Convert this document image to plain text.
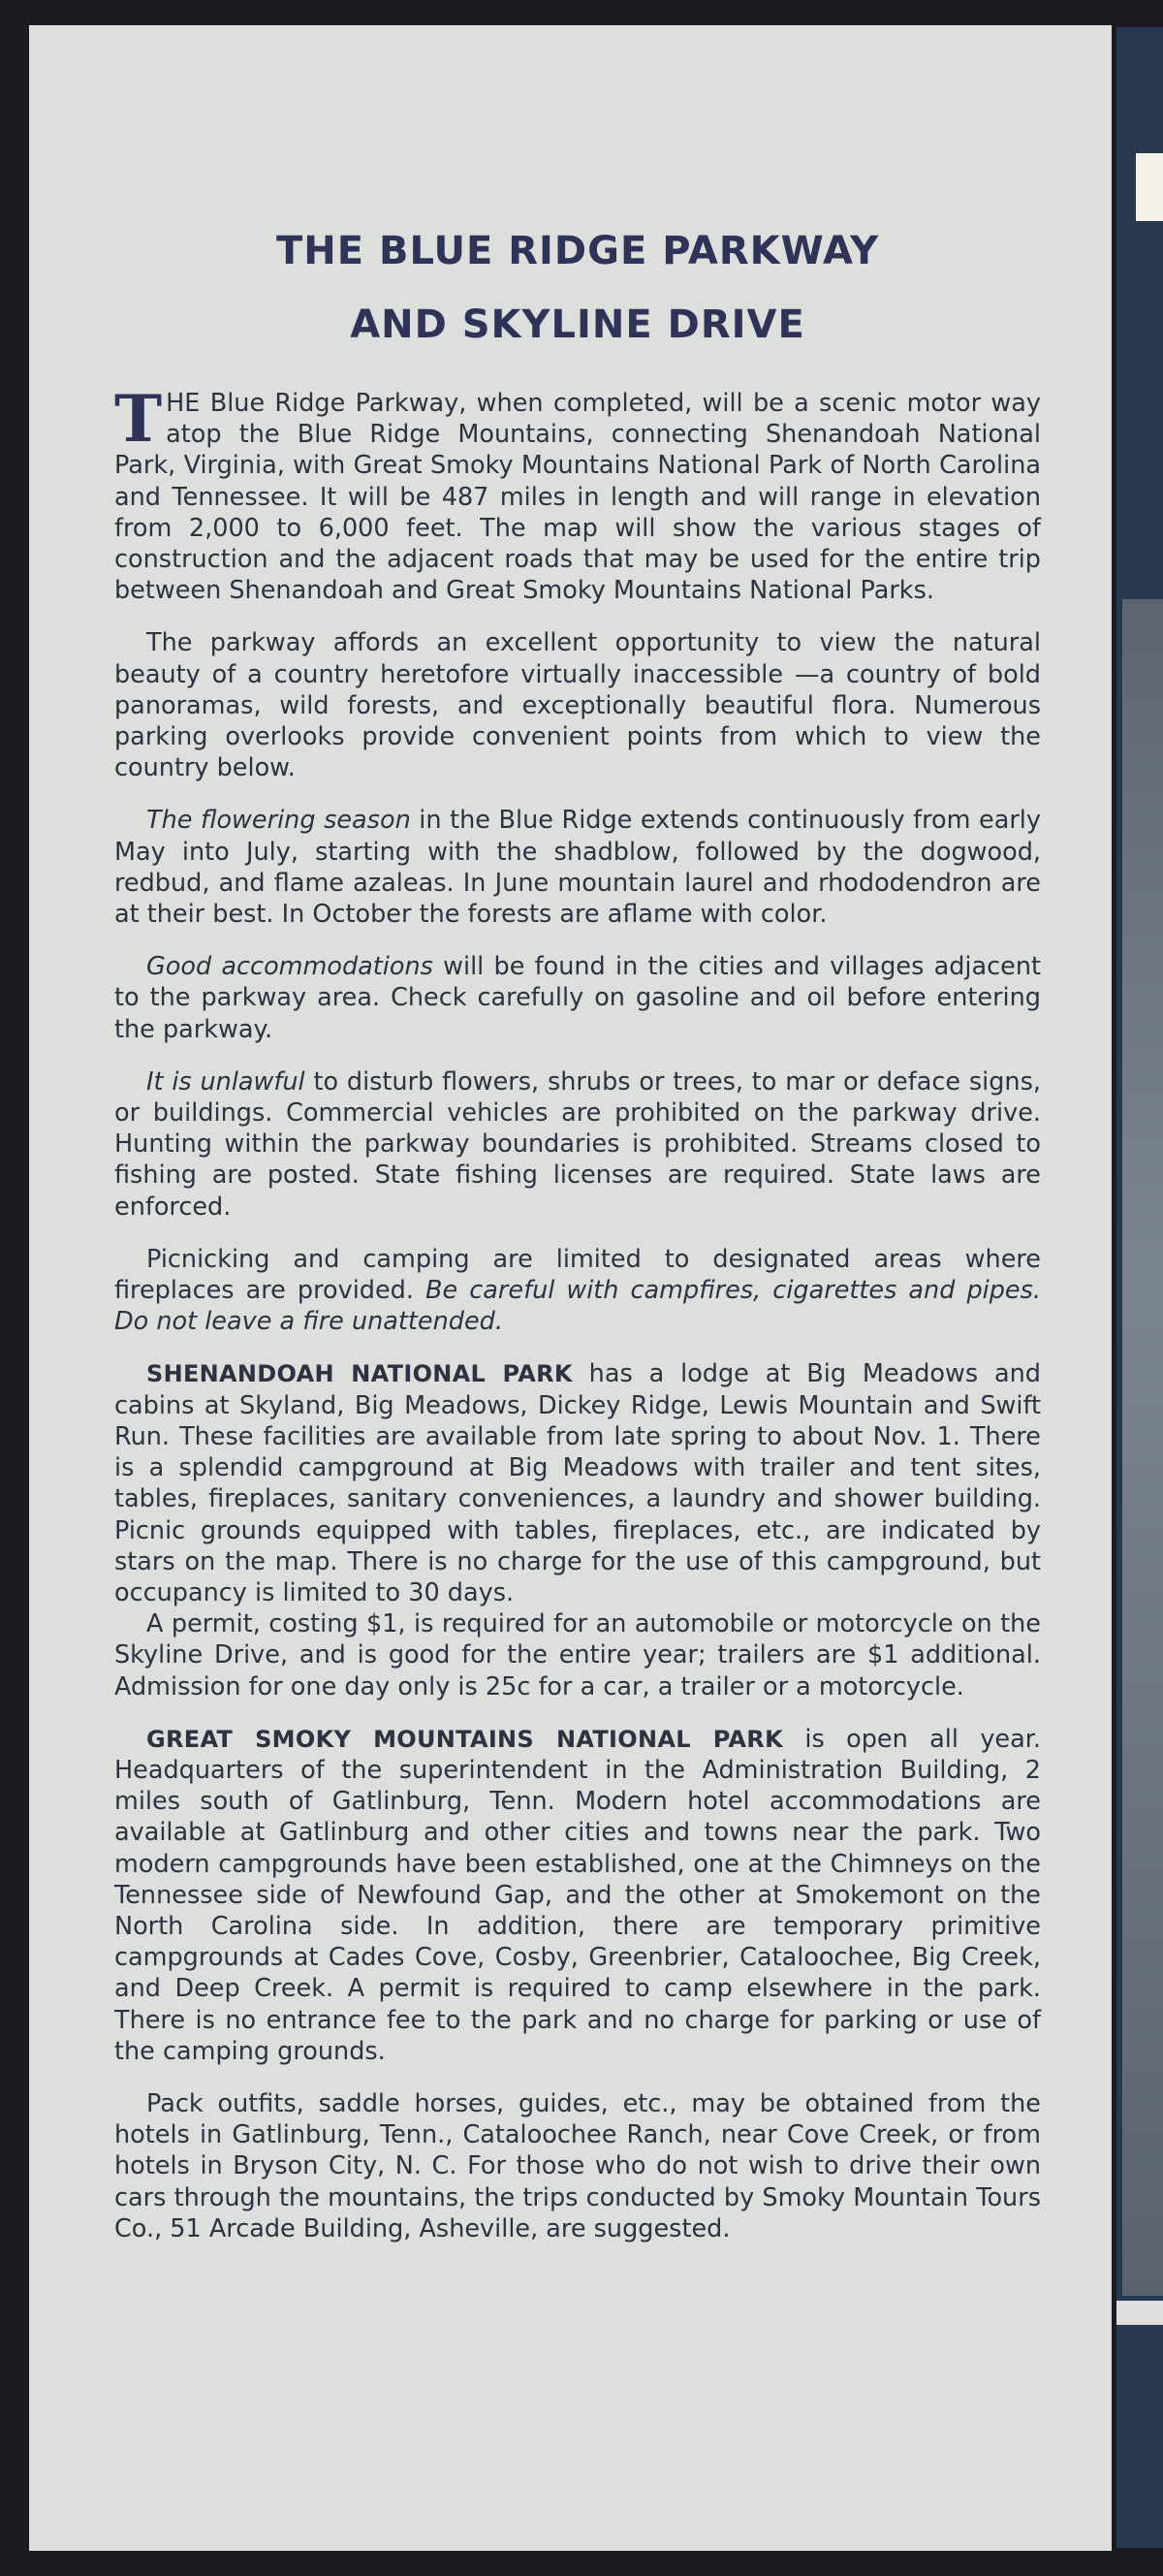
THE BLUE RIDGE PARKWAY
AND SKYLINE DRIVE

THE Blue Ridge Parkway, when completed, will be a scenic motor way atop the Blue Ridge Mountains, connecting Shenandoah National Park, Virginia, with Great Smoky Mountains National Park of North Carolina and Tennessee. It will be 487 miles in length and will range in elevation from 2,000 to 6,000 feet. The map will show the various stages of construction and the adjacent roads that may be used for the entire trip between Shenandoah and Great Smoky Mountains National Parks.

The parkway affords an excellent opportunity to view the natural beauty of a country heretofore virtually inaccessible —a country of bold panoramas, wild forests, and exceptionally beautiful flora. Numerous parking overlooks provide convenient points from which to view the country below.

The flowering season in the Blue Ridge extends continuously from early May into July, starting with the shadblow, followed by the dogwood, redbud, and flame azaleas. In June mountain laurel and rhododendron are at their best. In October the forests are aflame with color.

Good accommodations will be found in the cities and villages adjacent to the parkway area. Check carefully on gasoline and oil before entering the parkway.

It is unlawful to disturb flowers, shrubs or trees, to mar or deface signs, or buildings. Commercial vehicles are prohibited on the parkway drive. Hunting within the parkway boundaries is prohibited. Streams closed to fishing are posted. State fishing licenses are required. State laws are enforced.

Picnicking and camping are limited to designated areas where fireplaces are provided. Be careful with campfires, cigarettes and pipes. Do not leave a fire unattended.

SHENANDOAH NATIONAL PARK has a lodge at Big Meadows and cabins at Skyland, Big Meadows, Dickey Ridge, Lewis Mountain and Swift Run. These facilities are available from late spring to about Nov. 1. There is a splendid campground at Big Meadows with trailer and tent sites, tables, fireplaces, sanitary conveniences, a laundry and shower building. Picnic grounds equipped with tables, fireplaces, etc., are indicated by stars on the map. There is no charge for the use of this campground, but occupancy is limited to 30 days.

A permit, costing $1, is required for an automobile or motorcycle on the Skyline Drive, and is good for the entire year; trailers are $1 additional. Admission for one day only is 25c for a car, a trailer or a motorcycle.

GREAT SMOKY MOUNTAINS NATIONAL PARK is open all year. Headquarters of the superintendent in the Administration Building, 2 miles south of Gatlinburg, Tenn. Modern hotel accommodations are available at Gatlinburg and other cities and towns near the park. Two modern campgrounds have been established, one at the Chimneys on the Tennessee side of Newfound Gap, and the other at Smokemont on the North Carolina side. In addition, there are temporary primitive campgrounds at Cades Cove, Cosby, Greenbrier, Cataloochee, Big Creek, and Deep Creek. A permit is required to camp elsewhere in the park. There is no entrance fee to the park and no charge for parking or use of the camping grounds.

Pack outfits, saddle horses, guides, etc., may be obtained from the hotels in Gatlinburg, Tenn., Cataloochee Ranch, near Cove Creek, or from hotels in Bryson City, N. C. For those who do not wish to drive their own cars through the mountains, the trips conducted by Smoky Mountain Tours Co., 51 Arcade Building, Asheville, are suggested.
